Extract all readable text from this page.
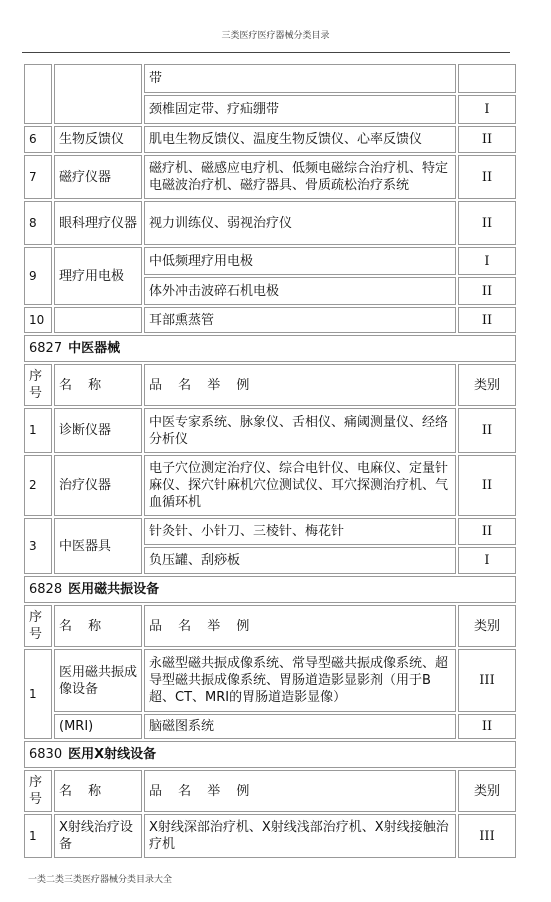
三类医疗医疗器械分类目录
		带	
		颈椎固定带、疗疝绷带	I
6	生物反馈仪	肌电生物反馈仪、温度生物反馈仪、心率反馈仪	II
7	磁疗仪器	磁疗机、磁感应电疗机、低频电磁综合治疗机、特定电磁波治疗机、磁疗器具、骨质疏松治疗系统	II
8	眼科理疗仪器	视力训练仪、弱视治疗仪	II
9	理疗用电极	中低频理疗用电极	I
		体外冲击波碎石机电极	II
10		耳部熏蒸管	II
6827 中医器械			
序号	名 称	品 名 举 例	类别
1	诊断仪器	中医专家系统、脉象仪、舌相仪、痛阈测量仪、经络分析仪	II
2	治疗仪器	电子穴位测定治疗仪、综合电针仪、电麻仪、定量针麻仪、探穴针麻机穴位测试仪、耳穴探测治疗机、气血循环机	II
3	中医器具	针灸针、小针刀、三棱针、梅花针	II
		负压罐、刮痧板	I
6828 医用磁共振设备			
序号	名 称	品 名 举 例	类别
1	医用磁共振成像设备	永磁型磁共振成像系统、常导型磁共振成像系统、超导型磁共振成像系统、胃肠道造影显影剂（用于B超、CT、MRI的胃肠道造影显像）	III
	(MRI)	脑磁图系统	II
6830 医用X射线设备			
序号	名 称	品 名 举 例	类别
1	X射线治疗设备	X射线深部治疗机、X射线浅部治疗机、X射线接触治疗机	III
一类二类三类医疗器械分类目录大全
